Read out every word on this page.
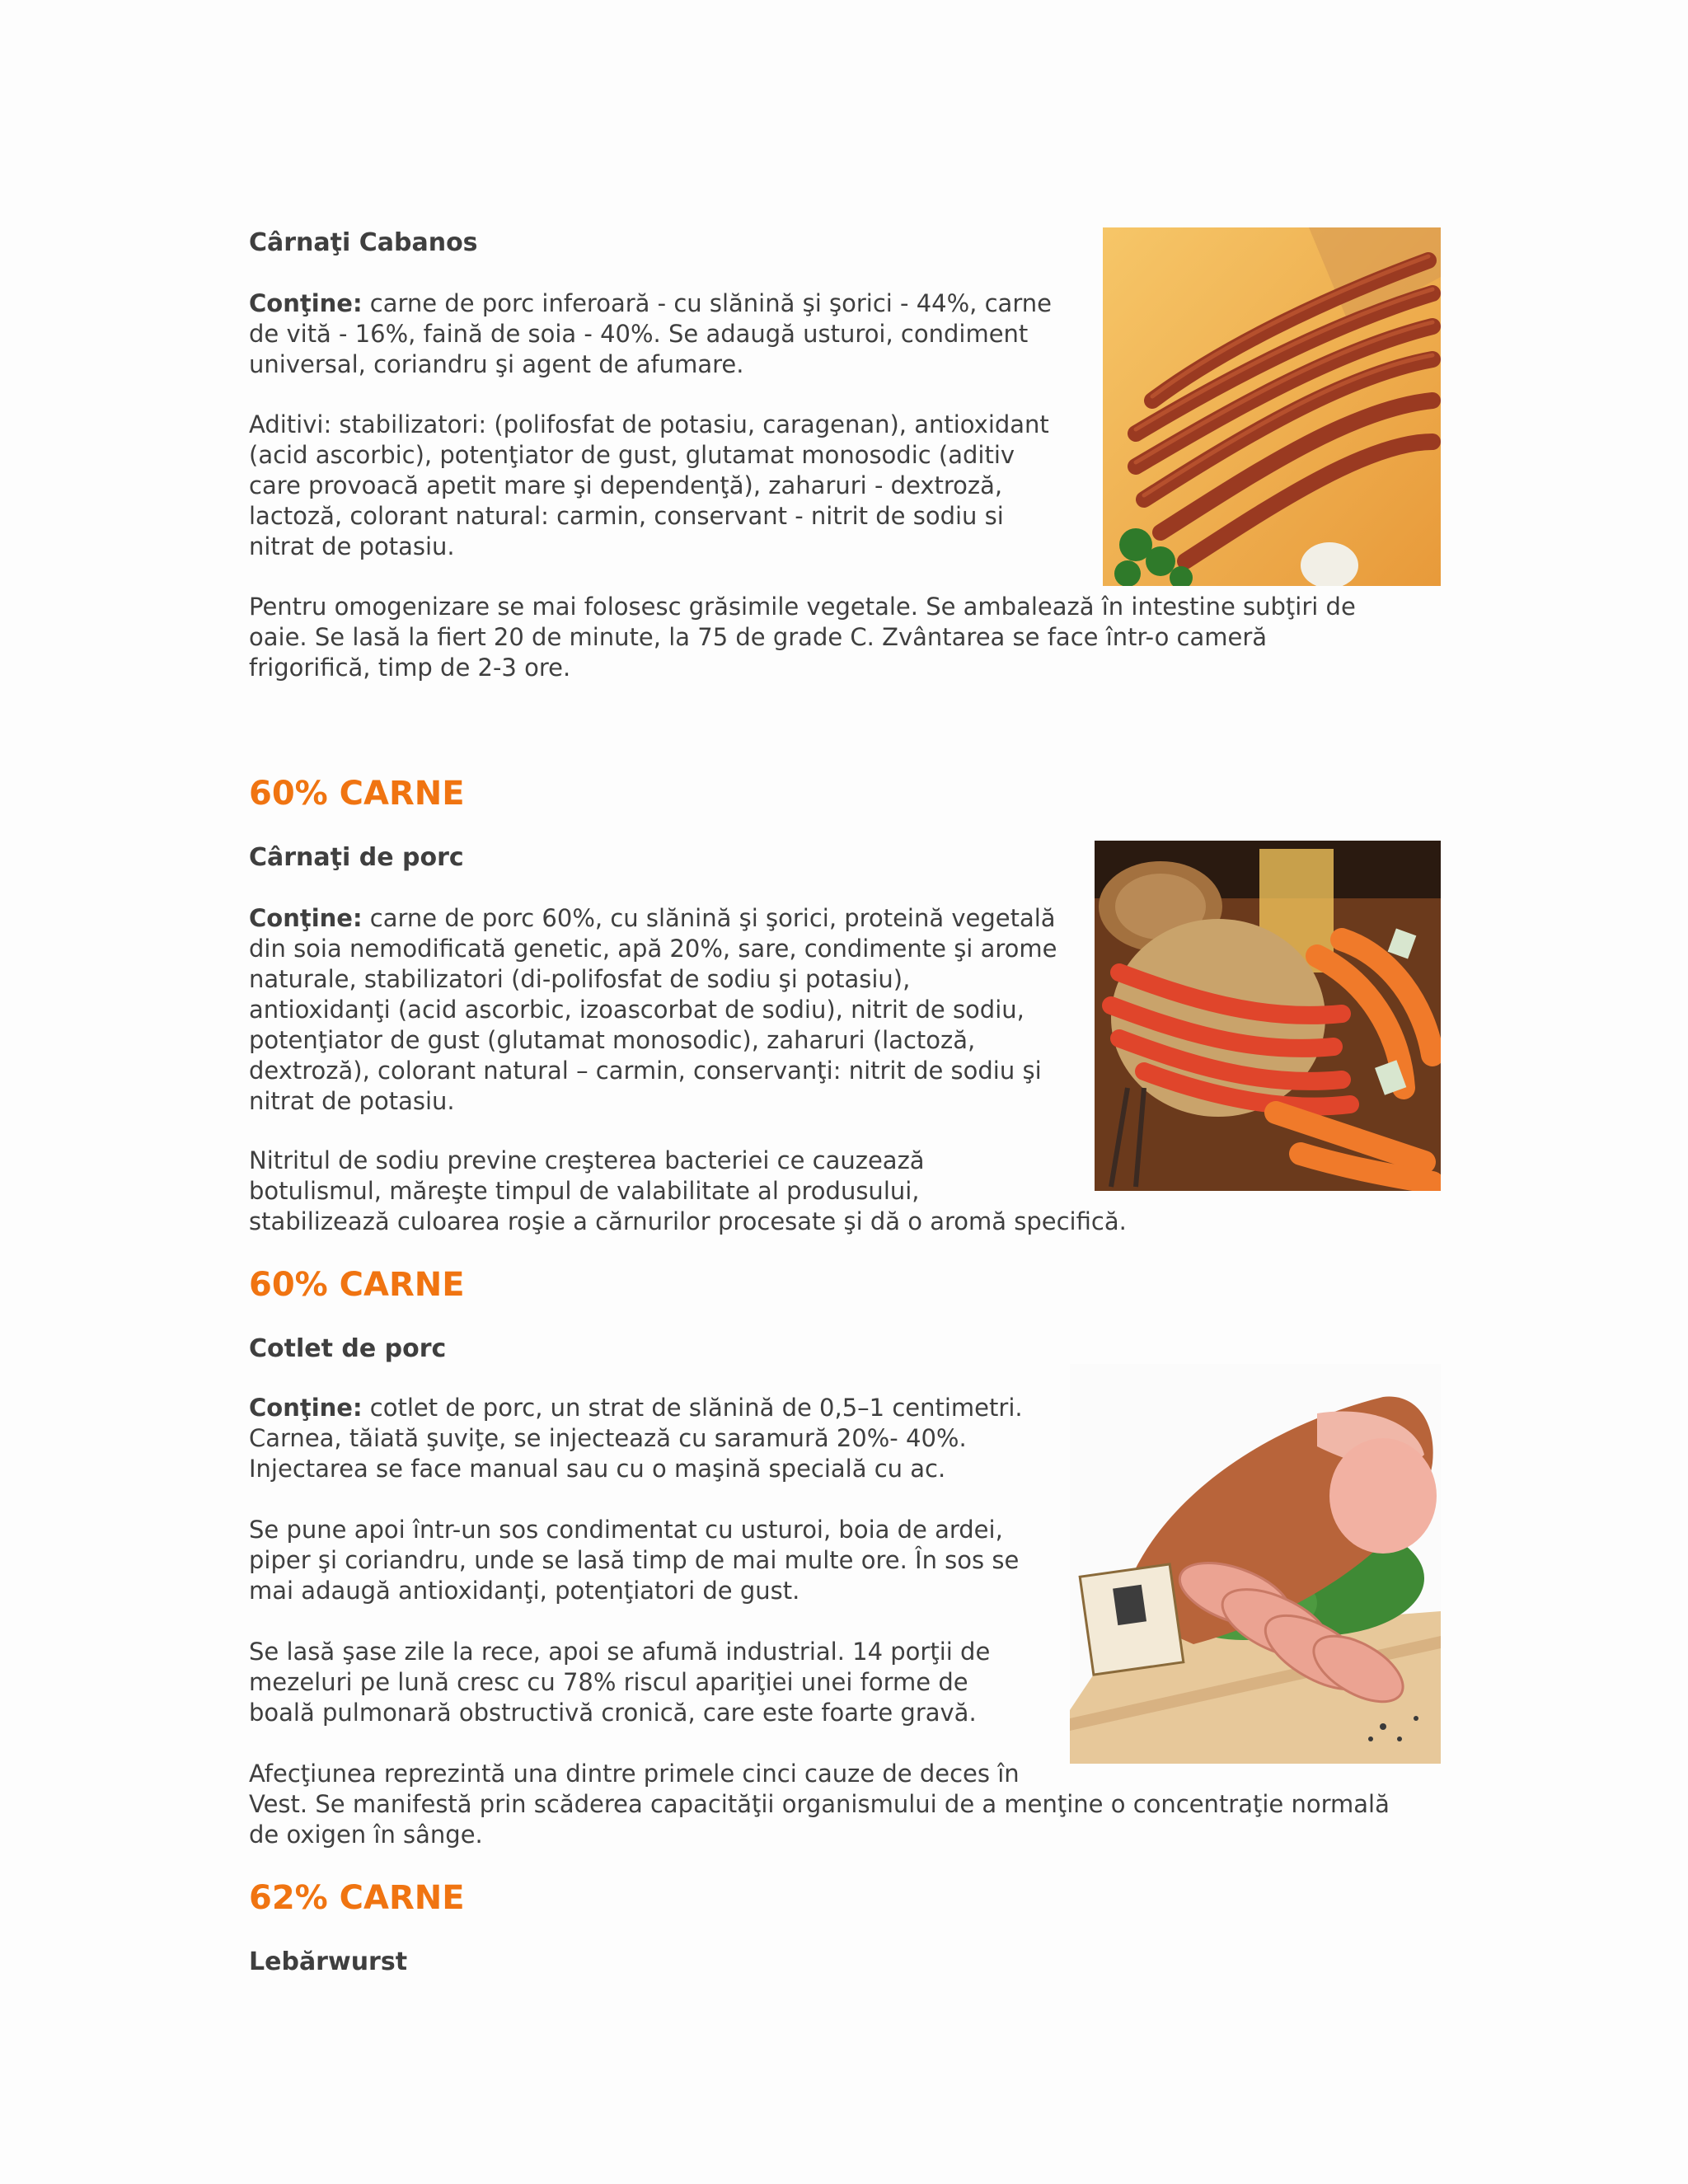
Cârnaţi Cabanos

Conţine: carne de porc inferoară - cu slănină şi şorici - 44%, carne

de vită - 16%, faină de soia - 40%. Se adaugă usturoi, condiment

universal, coriandru şi agent de afumare.

Aditivi: stabilizatori: (polifosfat de potasiu, caragenan), antioxidant

(acid ascorbic), potenţiator de gust, glutamat monosodic (aditiv

care provoacă apetit mare şi dependenţă), zaharuri - dextroză,

lactoză, colorant natural: carmin, conservant - nitrit de sodiu si

nitrat de potasiu.

Pentru omogenizare se mai folosesc grăsimile vegetale. Se ambalează în intestine subţiri de

oaie. Se lasă la fiert 20 de minute, la 75 de grade C. Zvântarea se face într-o cameră

frigorifică, timp de 2-3 ore.

60% CARNE

Cârnaţi de porc

Conţine: carne de porc 60%, cu slănină şi şorici, proteină vegetală

din soia nemodificată genetic, apă 20%, sare, condimente şi arome

naturale, stabilizatori (di-polifosfat de sodiu şi potasiu),

antioxidanţi (acid ascorbic, izoascorbat de sodiu), nitrit de sodiu,

potenţiator de gust (glutamat monosodic), zaharuri (lactoză,

dextroză), colorant natural – carmin, conservanţi: nitrit de sodiu şi

nitrat de potasiu.

Nitritul de sodiu previne creşterea bacteriei ce cauzează

botulismul, măreşte timpul de valabilitate al produsului,

stabilizează culoarea roşie a cărnurilor procesate şi dă o aromă specifică.

60% CARNE

Cotlet de porc

Conţine: cotlet de porc, un strat de slănină de 0,5–1 centimetri.

Carnea, tăiată şuviţe, se injectează cu saramură 20%- 40%.

Injectarea se face manual sau cu o maşină specială cu ac.

Se pune apoi într-un sos condimentat cu usturoi, boia de ardei,

piper şi coriandru, unde se lasă timp de mai multe ore. În sos se

mai adaugă antioxidanţi, potenţiatori de gust.

Se lasă şase zile la rece, apoi se afumă industrial. 14 porţii de

mezeluri pe lună cresc cu 78% riscul apariţiei unei forme de

boală pulmonară obstructivă cronică, care este foarte gravă.

Afecţiunea reprezintă una dintre primele cinci cauze de deces în

Vest. Se manifestă prin scăderea capacităţii organismului de a menţine o concentraţie normală

de oxigen în sânge.

62% CARNE

Lebărwurst
